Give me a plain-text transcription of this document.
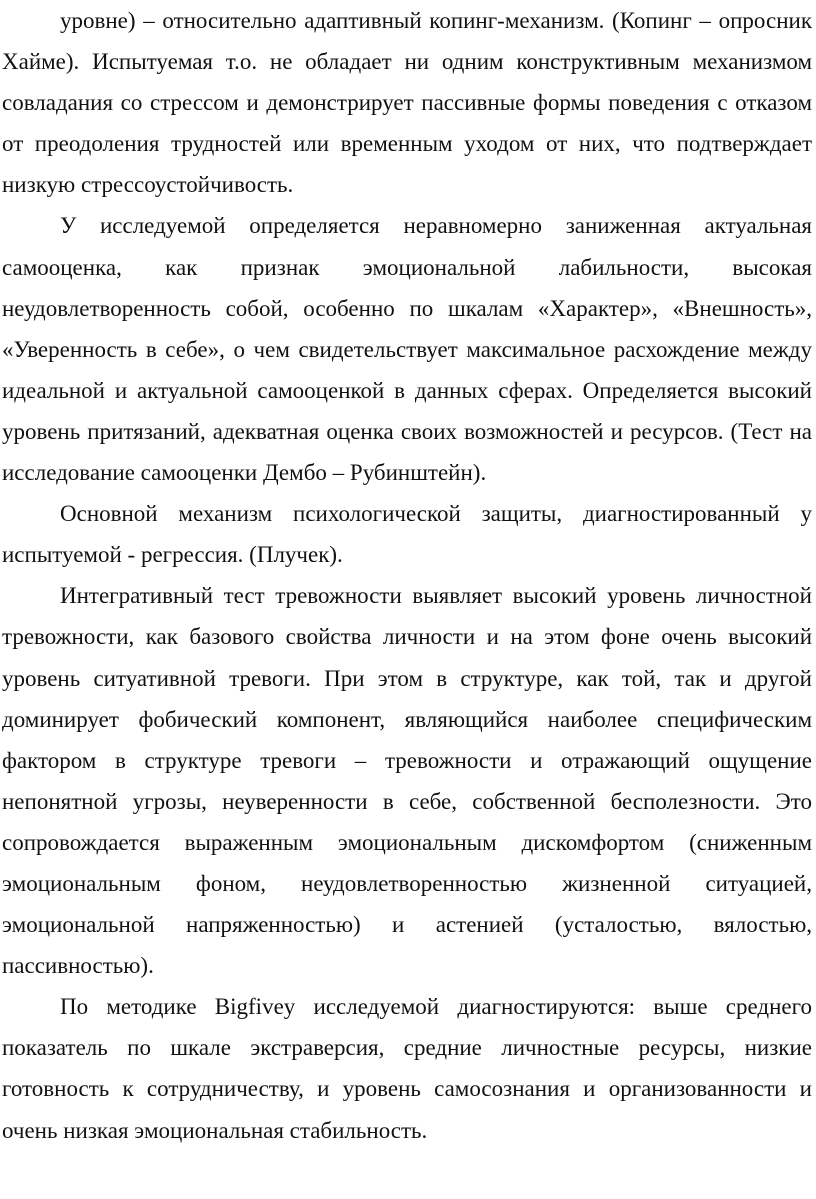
уровне) – относительно адаптивный копинг-механизм. (Копинг – опросник Хайме). Испытуемая т.о. не обладает ни одним конструктивным механизмом совладания со стрессом и демонстрирует пассивные формы поведения с отказом от преодоления трудностей или временным уходом от них, что подтверждает низкую стрессоустойчивость.

У исследуемой определяется неравномерно заниженная актуальная самооценка, как признак эмоциональной лабильности, высокая неудовлетворенность собой, особенно по шкалам «Характер», «Внешность», «Уверенность в себе», о чем свидетельствует максимальное расхождение между идеальной и актуальной самооценкой в данных сферах. Определяется высокий уровень притязаний, адекватная оценка своих возможностей и ресурсов. (Тест на исследование самооценки Дембо – Рубинштейн).

Основной механизм психологической защиты, диагностированный у испытуемой - регрессия. (Плучек).

Интегративный тест тревожности выявляет высокий уровень личностной тревожности, как базового свойства личности и на этом фоне очень высокий уровень ситуативной тревоги. При этом в структуре, как той, так и другой доминирует фобический компонент, являющийся наиболее специфическим фактором в структуре тревоги – тревожности и отражающий ощущение непонятной угрозы, неуверенности в себе, собственной бесполезности. Это сопровождается выраженным эмоциональным дискомфортом (сниженным эмоциональным фоном, неудовлетворенностью жизненной ситуацией, эмоциональной напряженностью) и астенией (усталостью, вялостью, пассивностью).

По методике Bigfivey исследуемой диагностируются: выше среднего показатель по шкале экстраверсия, средние личностные ресурсы, низкие готовность к сотрудничеству, и уровень самосознания и организованности и очень низкая эмоциональная стабильность.
